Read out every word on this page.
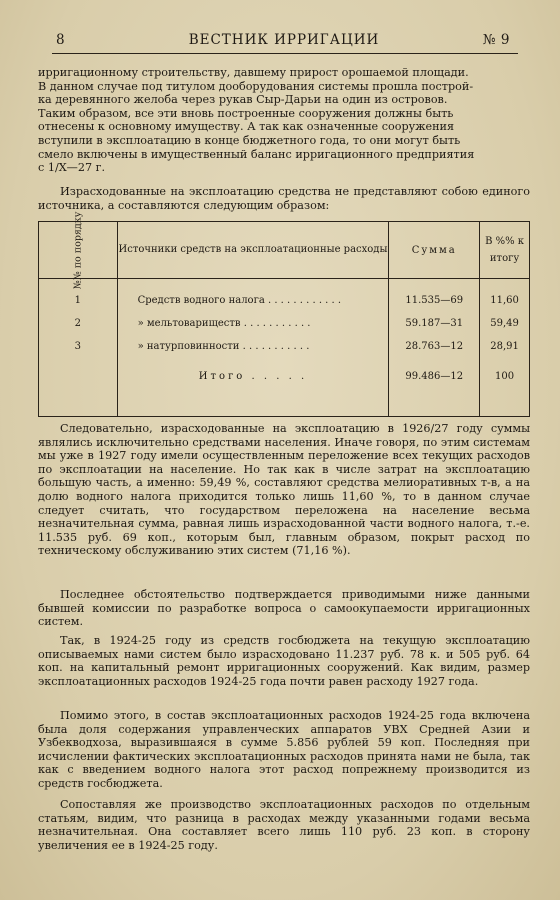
8	ВЕСТНИК ИРРИГАЦИИ	№ 9
ирригационному строительству, давшему прирост орошаемой площади.
В данном случае под титулом дооборудования системы прошла построй-
ка деревянного желоба через рукав Сыр-Дарьи на один из островов.
Таким образом, все эти вновь построенные сооружения должны быть
отнесены к основному имуществу. А так как означенные сооружения
вступили в эксплоатацию в конце бюджетного года, то они могут быть
смело включены в имущественный баланс ирригационного предприятия
с 1/X—27 г.

Израсходованные на эксплоатацию средства не представляют собою единого источника, а составляются следующим образом:

№№ по порядку	Источники средств на эксплоатационные расходы	Сумма	В %% к итогу
1	Средств водного налога . . . . . . . . . . . .	11.535—69	11,60
2	» мельтовариществ . . . . . . . . . . .	59.187—31	59,49
3	» натурповинности . . . . . . . . . . .	28.763—12	28,91
	Итого . . . . .	99.486—12	100

Следовательно, израсходованные на эксплоатацию в 1926/27 году суммы являлись исключительно средствами населения. Иначе говоря, по этим системам мы уже в 1927 году имели осуществленным переложение всех текущих расходов по эксплоатации на население. Но так как в числе затрат на эксплоатацию большую часть, а именно: 59,49 %, составляют средства мелиоративных т-в, а на долю водного налога приходится только лишь 11,60 %, то в данном случае следует считать, что государством переложена на население весьма незначительная сумма, равная лишь израсходованной части водного налога, т.-е. 11.535 руб. 69 коп., которым был, главным образом, покрыт расход по техническому обслуживанию этих систем (71,16 %).

Последнее обстоятельство подтверждается приводимыми ниже данными бывшей комиссии по разработке вопроса о самоокупаемости ирригационных систем.

Так, в 1924-25 году из средств госбюджета на текущую эксплоатацию описываемых нами систем было израсходовано 11.237 руб. 78 к. и 505 руб. 64 коп. на капитальный ремонт ирригационных сооружений. Как видим, размер эксплоатационных расходов 1924-25 года почти равен расходу 1927 года.

Помимо этого, в состав эксплоатационных расходов 1924-25 года включена была доля содержания управленческих аппаратов УВХ Средней Азии и Узбекводхоза, выразившаяся в сумме 5.856 рублей 59 коп. Последняя при исчислении фактических эксплоатационных расходов принята нами не была, так как с введением водного налога этот расход попрежнему производится из средств госбюджета.

Сопоставляя же производство эксплоатационных расходов по отдельным статьям, видим, что разница в расходах между указанными годами весьма незначительная. Она составляет всего лишь 110 руб. 23 коп. в сторону увеличения ее в 1924-25 году.
